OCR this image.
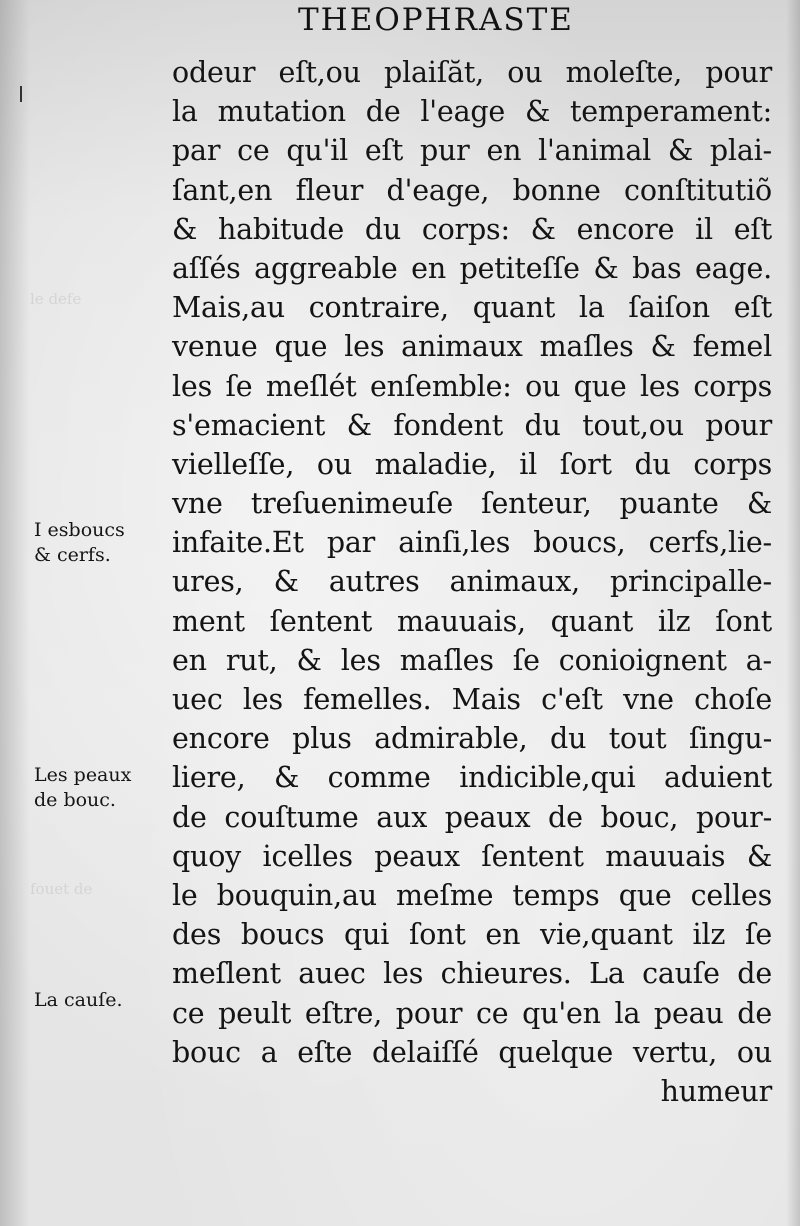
le defe
fouet de
THEOPHRASTE
odeur eſt,ou plaiſăt, ou moleſte, pour
la mutation de l'eage & temperament:
par ce qu'il eſt pur en l'animal & plai-
ſant,en fleur d'eage, bonne conſtitutiõ
& habitude du corps: & encore il eſt
aſſés aggreable en petiteſſe & bas eage.
Mais,au contraire, quant la ſaiſon eſt
venue que les animaux maſles & femel
les ſe meſlét enſemble: ou que les corps
s'emacient & fondent du tout,ou pour
vielleſſe, ou maladie, il ſort du corps
vne treſuenimeuſe ſenteur, puante &
infaite.Et par ainſi,les boucs, cerfs,lie-
ures, & autres animaux, principalle-
ment ſentent mauuais, quant ilz ſont
en rut, & les maſles ſe conioignent a-
uec les femelles. Mais c'eſt vne choſe
encore plus admirable, du tout ſingu-
liere, & comme indicible,qui aduient
de couſtume aux peaux de bouc, pour-
quoy icelles peaux ſentent mauuais &
le bouquin,au meſme temps que celles
des boucs qui ſont en vie,quant ilz ſe
meſlent auec les chieures. La cauſe de
ce peult eſtre, pour ce qu'en la peau de
bouc a eſte delaiſſé quelque vertu, ou
humeur
I esboucs
& cerfs.
Les peaux
de bouc.
La cauſe.
